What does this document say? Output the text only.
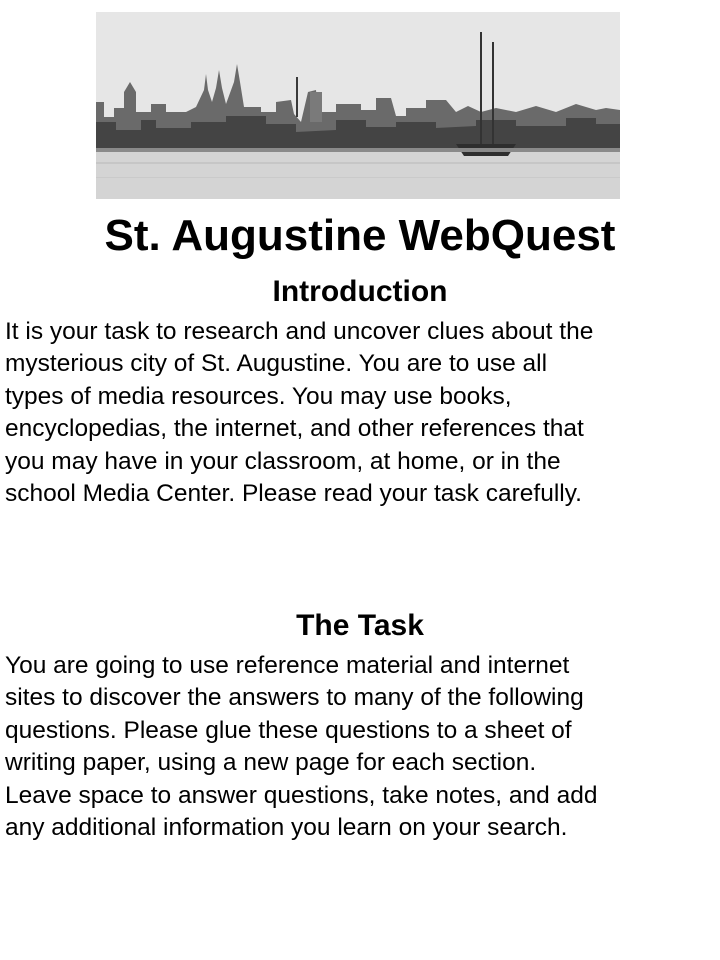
St. Augustine WebQuest
Introduction

It is your task to research and uncover clues about the
mysterious city of St. Augustine. You are to use all
types of media resources. You may use books,
encyclopedias, the internet, and other references that
you may have in your classroom, at home, or in the
school Media Center. Please read your task carefully.

The Task

You are going to use reference material and internet
sites to discover the answers to many of the following
questions. Please glue these questions to a sheet of
writing paper, using a new page for each section.
Leave space to answer questions, take notes, and add
any additional information you learn on your search.
